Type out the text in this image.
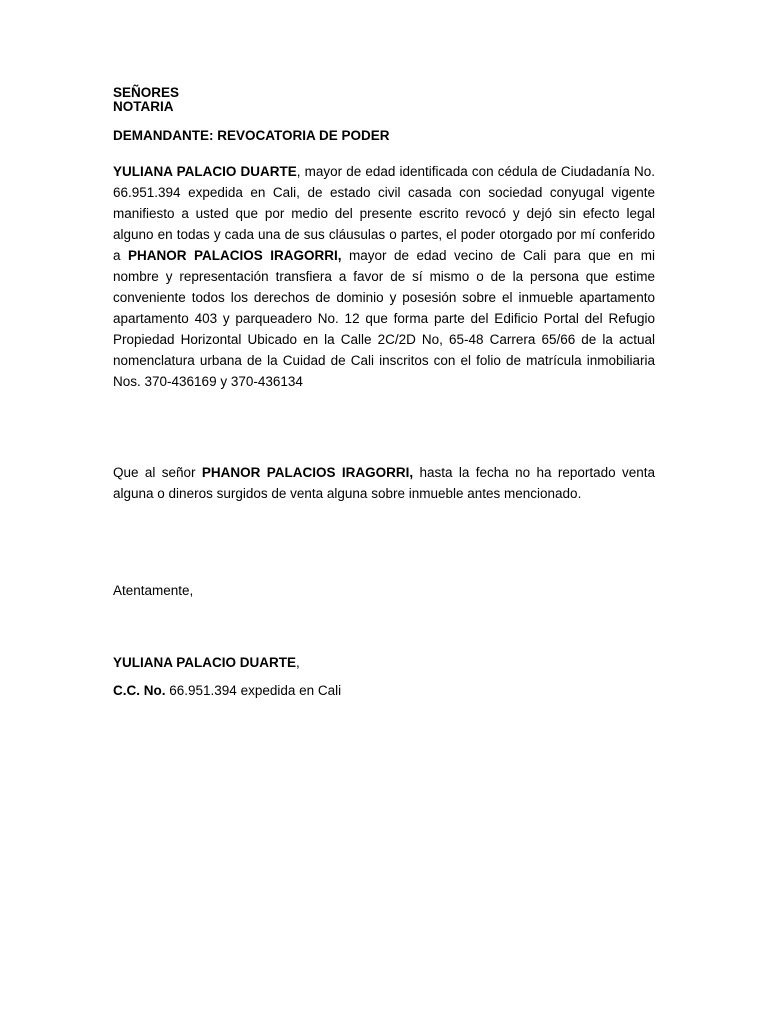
SEÑORES
NOTARIA
DEMANDANTE: REVOCATORIA DE PODER

YULIANA PALACIO DUARTE, mayor de edad identificada con cédula de Ciudadanía No. 66.951.394 expedida en Cali, de estado civil casada con sociedad conyugal vigente manifiesto a usted que por medio del presente escrito revocó y dejó sin efecto legal alguno en todas y cada una de sus cláusulas o partes, el poder otorgado por mí conferido a PHANOR PALACIOS IRAGORRI, mayor de edad vecino de Cali para que en mi nombre y representación transfiera a favor de sí mismo o de la persona que estime conveniente todos los derechos de dominio y posesión sobre el inmueble apartamento apartamento 403 y parqueadero No. 12 que forma parte del Edificio Portal del Refugio Propiedad Horizontal Ubicado en la Calle 2C/2D No, 65-48 Carrera 65/66 de la actual nomenclatura urbana de la Cuidad de Cali inscritos con el folio de matrícula inmobiliaria Nos. 370-436169 y 370-436134

Que al señor PHANOR PALACIOS IRAGORRI, hasta la fecha no ha reportado venta alguna o dineros surgidos de venta alguna sobre inmueble antes mencionado.

Atentamente,
YULIANA PALACIO DUARTE,
C.C. No. 66.951.394 expedida en Cali
